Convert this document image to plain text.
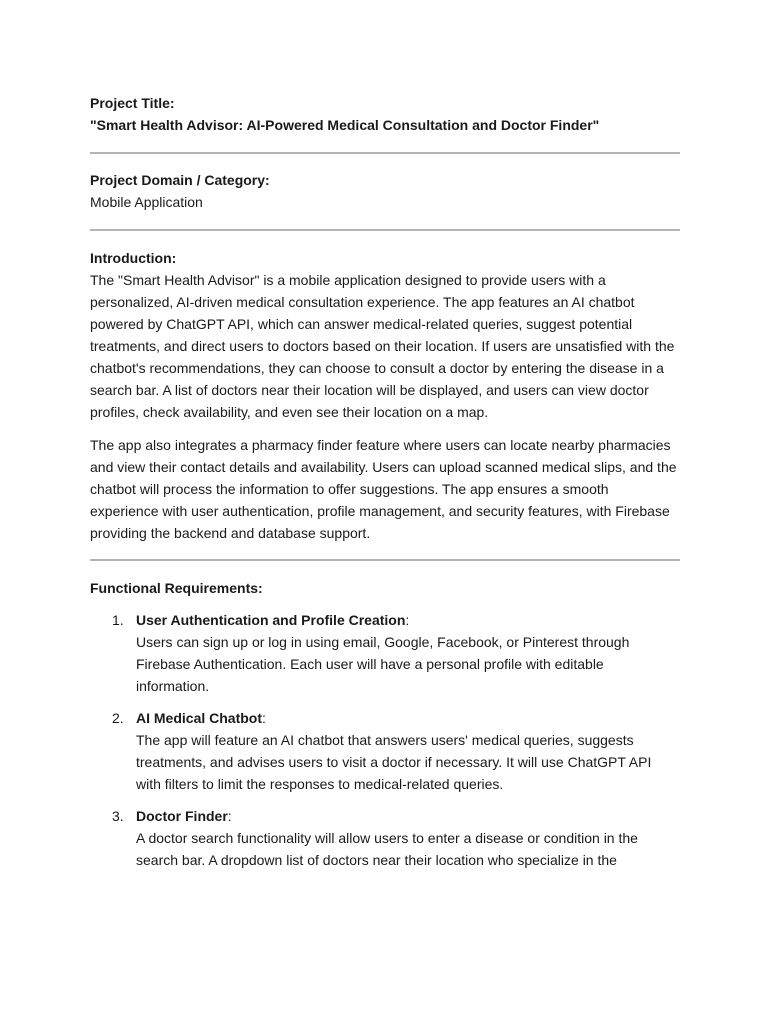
Project Title:
"Smart Health Advisor: AI-Powered Medical Consultation and Doctor Finder"
Project Domain / Category:
Mobile Application
Introduction:

The "Smart Health Advisor" is a mobile application designed to provide users with a personalized, AI-driven medical consultation experience. The app features an AI chatbot powered by ChatGPT API, which can answer medical-related queries, suggest potential treatments, and direct users to doctors based on their location. If users are unsatisfied with the chatbot's recommendations, they can choose to consult a doctor by entering the disease in a search bar. A list of doctors near their location will be displayed, and users can view doctor profiles, check availability, and even see their location on a map.

The app also integrates a pharmacy finder feature where users can locate nearby pharmacies and view their contact details and availability. Users can upload scanned medical slips, and the chatbot will process the information to offer suggestions. The app ensures a smooth experience with user authentication, profile management, and security features, with Firebase providing the backend and database support.

Functional Requirements:
1. User Authentication and Profile Creation:
Users can sign up or log in using email, Google, Facebook, or Pinterest through Firebase Authentication. Each user will have a personal profile with editable information.
2. AI Medical Chatbot:
The app will feature an AI chatbot that answers users' medical queries, suggests treatments, and advises users to visit a doctor if necessary. It will use ChatGPT API with filters to limit the responses to medical-related queries.
3. Doctor Finder:
A doctor search functionality will allow users to enter a disease or condition in the search bar. A dropdown list of doctors near their location who specialize in the
